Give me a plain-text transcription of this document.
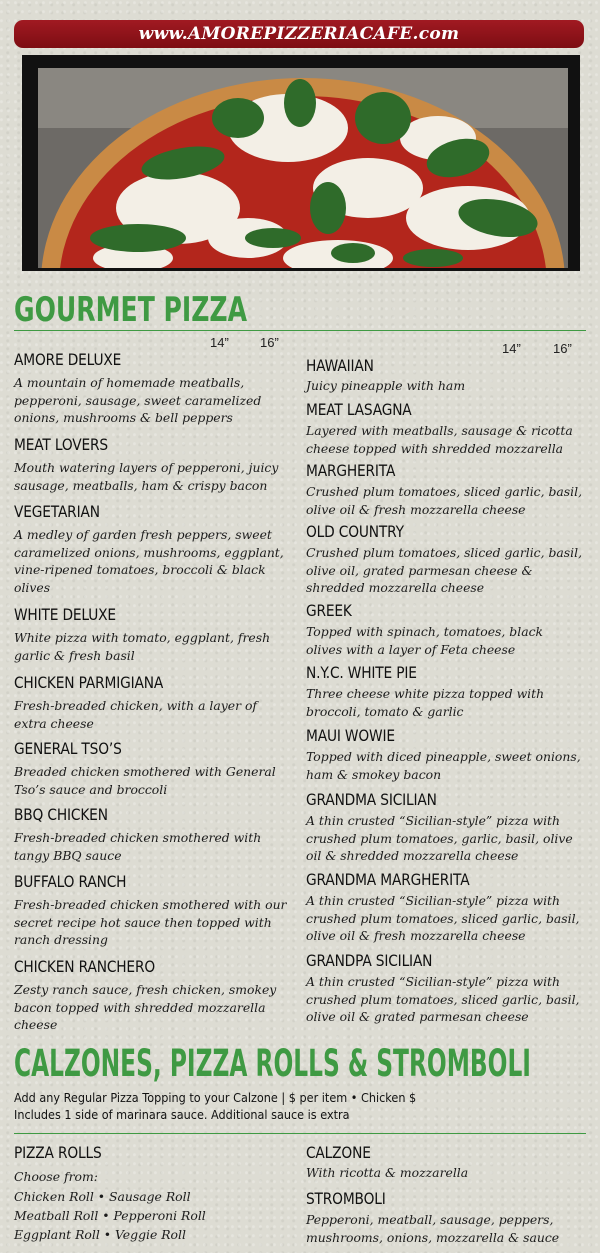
www.AMOREPIZZERIACAFE.com
GOURMET PIZZA
14” 16”	14” 16”
AMORE DELUXE
A mountain of homemade meatballs, pepperoni, sausage, sweet caramelized onions, mushrooms & bell peppers
MEAT LOVERS
Mouth watering layers of pepperoni, juicy sausage, meatballs, ham & crispy bacon
VEGETARIAN
A medley of garden fresh peppers, sweet caramelized onions, mushrooms, eggplant, vine-ripened tomatoes, broccoli & black olives
WHITE DELUXE
White pizza with tomato, eggplant, fresh garlic & fresh basil
CHICKEN PARMIGIANA
Fresh-breaded chicken, with a layer of extra cheese
GENERAL TSO’S
Breaded chicken smothered with General Tso’s sauce and broccoli
BBQ CHICKEN
Fresh-breaded chicken smothered with tangy BBQ sauce
BUFFALO RANCH
Fresh-breaded chicken smothered with our secret recipe hot sauce then topped with ranch dressing
CHICKEN RANCHERO
Zesty ranch sauce, fresh chicken, smokey bacon topped with shredded mozzarella cheese
HAWAIIAN
Juicy pineapple with ham
MEAT LASAGNA
Layered with meatballs, sausage & ricotta cheese topped with shredded mozzarella
MARGHERITA
Crushed plum tomatoes, sliced garlic, basil, olive oil & fresh mozzarella cheese
OLD COUNTRY
Crushed plum tomatoes, sliced garlic, basil, olive oil, grated parmesan cheese & shredded mozzarella cheese
GREEK
Topped with spinach, tomatoes, black olives with a layer of Feta cheese
N.Y.C. WHITE PIE
Three cheese white pizza topped with broccoli, tomato & garlic
MAUI WOWIE
Topped with diced pineapple, sweet onions, ham & smokey bacon
GRANDMA SICILIAN
A thin crusted “Sicilian-style” pizza with crushed plum tomatoes, garlic, basil, olive oil & shredded mozzarella cheese
GRANDMA MARGHERITA
A thin crusted “Sicilian-style” pizza with crushed plum tomatoes, sliced garlic, basil, olive oil & fresh mozzarella cheese
GRANDPA SICILIAN
A thin crusted “Sicilian-style” pizza with crushed plum tomatoes, sliced garlic, basil, olive oil & grated parmesan cheese
CALZONES, PIZZA ROLLS & STROMBOLI
Add any Regular Pizza Topping to your Calzone | $ per item • Chicken $
Includes 1 side of marinara sauce. Additional sauce is extra
PIZZA ROLLS
Choose from:
Chicken Roll • Sausage Roll
Meatball Roll • Pepperoni Roll
Eggplant Roll • Veggie Roll
CALZONE
With ricotta & mozzarella
STROMBOLI
Pepperoni, meatball, sausage, peppers, mushrooms, onions, mozzarella & sauce
